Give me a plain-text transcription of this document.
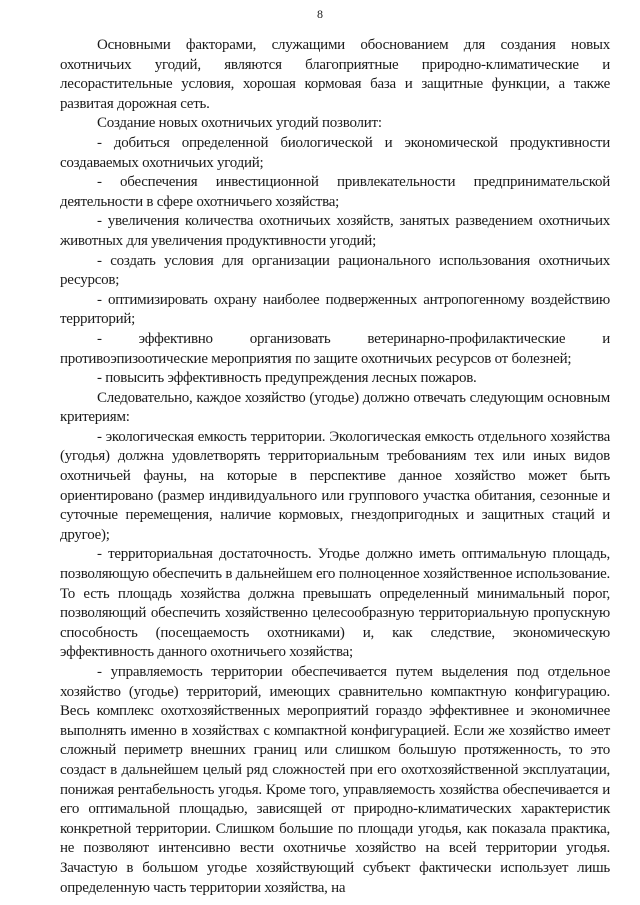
8

Основными факторами, служащими обоснованием для создания новых охотничьих угодий, являются благоприятные природно-климатические и лесорастительные условия, хорошая кормовая база и защитные функции, а также развитая дорожная сеть.

Создание новых охотничьих угодий позволит:

- добиться определенной биологической и экономической продуктивности создаваемых охотничьих угодий;

- обеспечения инвестиционной привлекательности предпринимательской деятельности в сфере охотничьего хозяйства;

- увеличения количества охотничьих хозяйств, занятых разведением охотничьих животных для увеличения продуктивности угодий;

- создать условия для организации рационального использования охотничьих ресурсов;

- оптимизировать охрану наиболее подверженных антропогенному воздействию территорий;

- эффективно организовать ветеринарно-профилактические и противоэпизоотические мероприятия по защите охотничьих ресурсов от болезней;

- повысить эффективность предупреждения лесных пожаров.

Следовательно, каждое хозяйство (угодье) должно отвечать следующим основным критериям:

- экологическая емкость территории. Экологическая емкость отдельного хозяйства (угодья) должна удовлетворять территориальным требованиям тех или иных видов охотничьей фауны, на которые в перспективе данное хозяйство может быть ориентировано (размер индивидуального или группового участка обитания, сезонные и суточные перемещения, наличие кормовых, гнездопригодных и защитных стаций и другое);

- территориальная достаточность. Угодье должно иметь оптимальную площадь, позволяющую обеспечить в дальнейшем его полноценное хозяйственное использование. То есть площадь хозяйства должна превышать определенный минимальный порог, позволяющий обеспечить хозяйственно целесообразную территориальную пропускную способность (посещаемость охотниками) и, как следствие, экономическую эффективность данного охотничьего хозяйства;

- управляемость территории обеспечивается путем выделения под отдельное хозяйство (угодье) территорий, имеющих сравнительно компактную конфигурацию. Весь комплекс охотхозяйственных мероприятий гораздо эффективнее и экономичнее выполнять именно в хозяйствах с компактной конфигурацией. Если же хозяйство имеет сложный периметр внешних границ или слишком большую протяженность, то это создаст в дальнейшем целый ряд сложностей при его охотхозяйственной эксплуатации, понижая рентабельность угодья. Кроме того, управляемость хозяйства обеспечивается и его оптимальной площадью, зависящей от природно-климатических характеристик конкретной территории. Слишком большие по площади угодья, как показала практика, не позволяют интенсивно вести охотничье хозяйство на всей территории угодья. Зачастую в большом угодье хозяйствующий субъект фактически использует лишь определенную часть территории хозяйства, на
